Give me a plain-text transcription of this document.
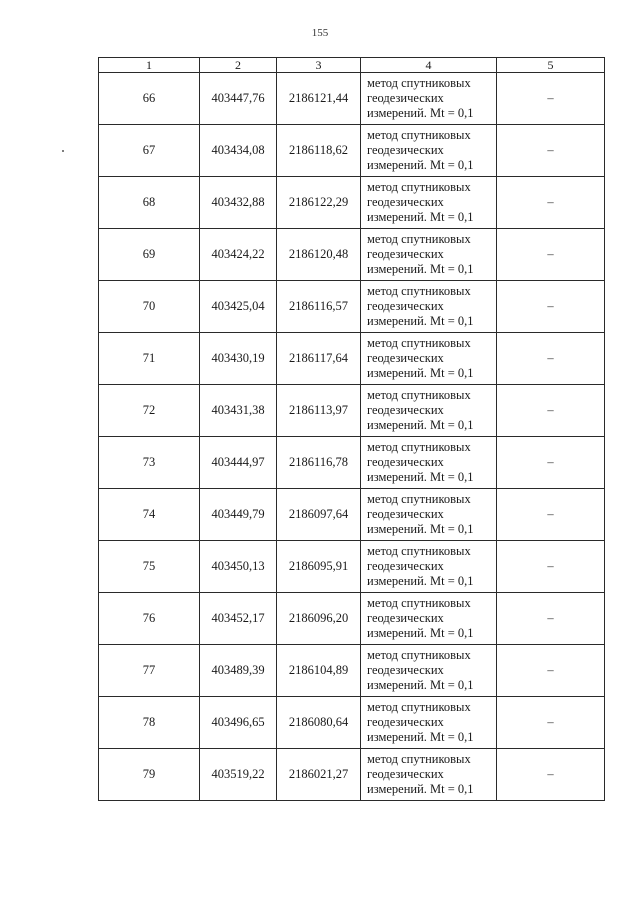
155
1	2	3	4	5
66	403447,76	2186121,44	метод спутниковых
геодезических
измерений. Mt = 0,1	–
67	403434,08	2186118,62	метод спутниковых
геодезических
измерений. Mt = 0,1	–
68	403432,88	2186122,29	метод спутниковых
геодезических
измерений. Mt = 0,1	–
69	403424,22	2186120,48	метод спутниковых
геодезических
измерений. Mt = 0,1	–
70	403425,04	2186116,57	метод спутниковых
геодезических
измерений. Mt = 0,1	–
71	403430,19	2186117,64	метод спутниковых
геодезических
измерений. Mt = 0,1	–
72	403431,38	2186113,97	метод спутниковых
геодезических
измерений. Mt = 0,1	–
73	403444,97	2186116,78	метод спутниковых
геодезических
измерений. Mt = 0,1	–
74	403449,79	2186097,64	метод спутниковых
геодезических
измерений. Mt = 0,1	–
75	403450,13	2186095,91	метод спутниковых
геодезических
измерений. Mt = 0,1	–
76	403452,17	2186096,20	метод спутниковых
геодезических
измерений. Mt = 0,1	–
77	403489,39	2186104,89	метод спутниковых
геодезических
измерений. Mt = 0,1	–
78	403496,65	2186080,64	метод спутниковых
геодезических
измерений. Mt = 0,1	–
79	403519,22	2186021,27	метод спутниковых
геодезических
измерений. Mt = 0,1	–
